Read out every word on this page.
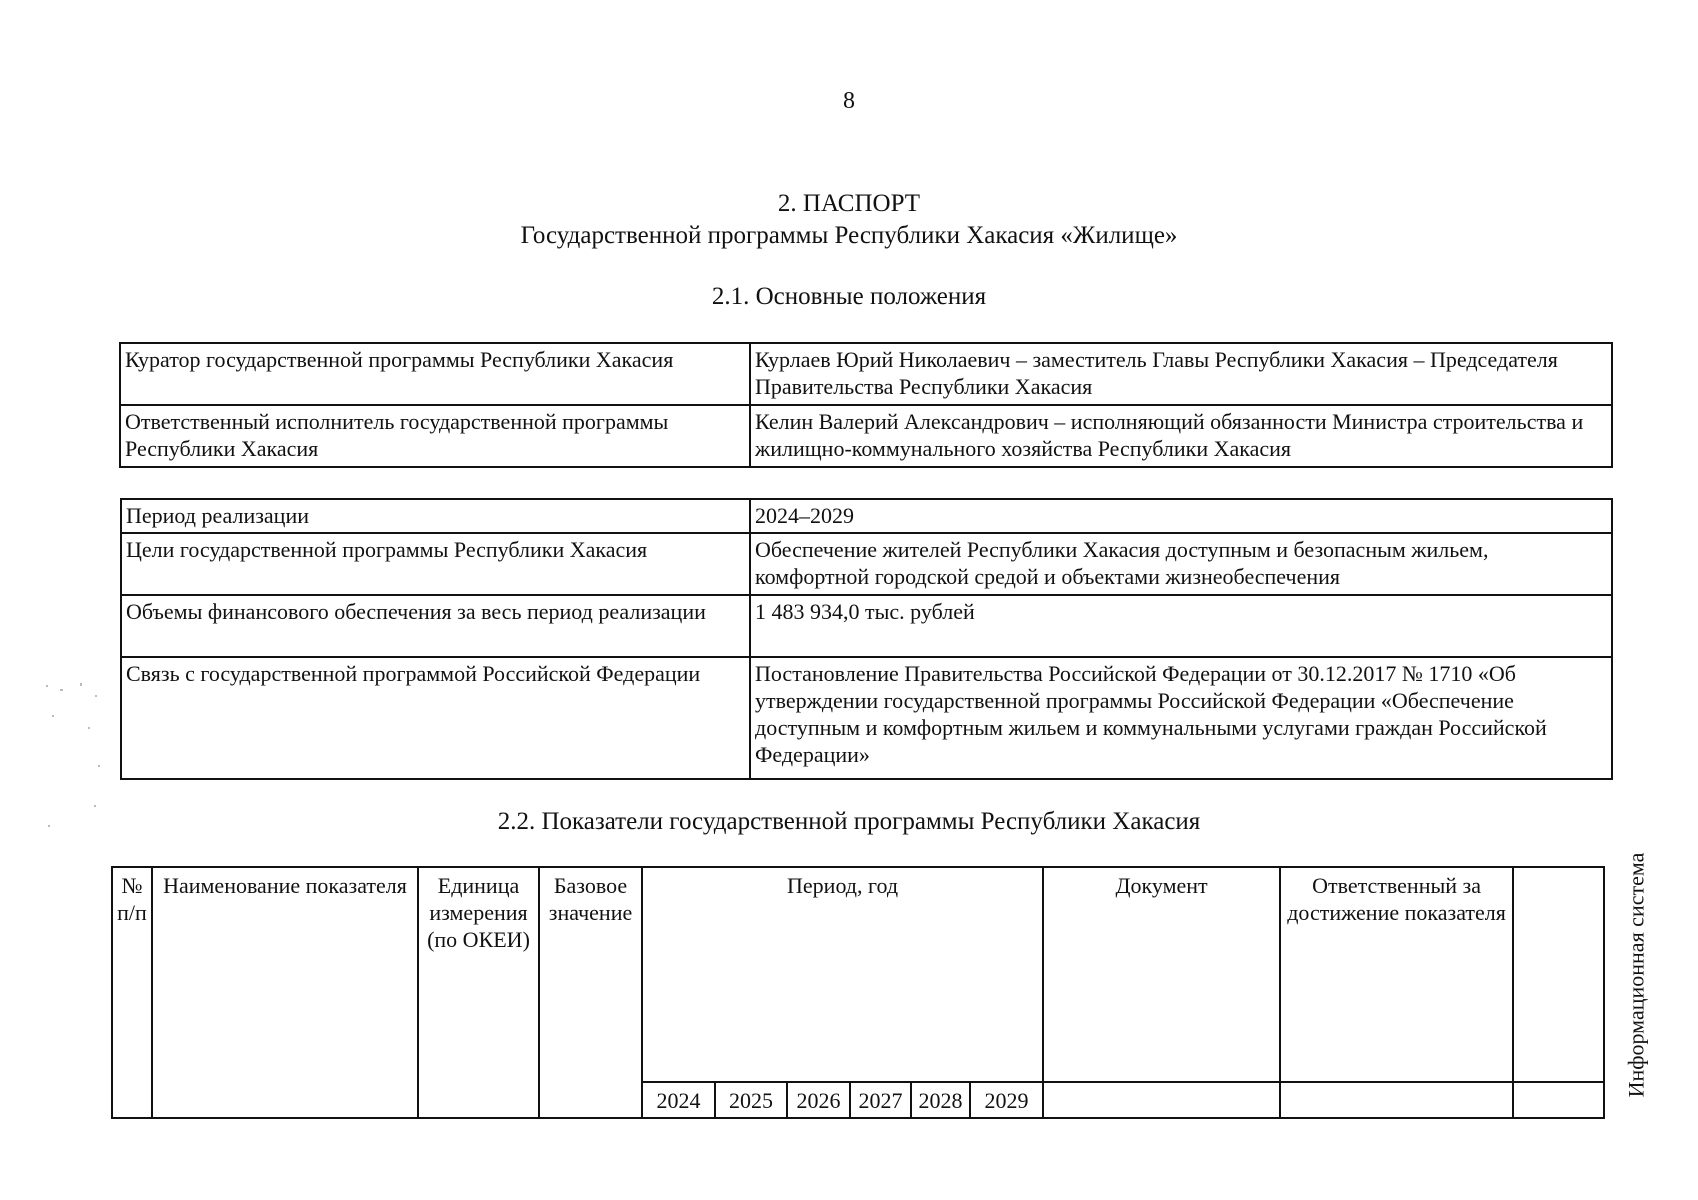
8
2. ПАСПОРТ
Государственной программы Республики Хакасия «Жилище»
2.1. Основные положения
Куратор государственной программы Республики Хакасия	Курлаев Юрий Николаевич – заместитель Главы Республики Хакасия – Председателя Правительства Республики Хакасия
Ответственный исполнитель государственной программы Республики Хакасия	Келин Валерий Александрович – исполняющий обязанности Министра строительства и жилищно-коммунального хозяйства Республики Хакасия
Период реализации	2024–2029
Цели государственной программы Республики Хакасия	Обеспечение жителей Республики Хакасия доступным и безопасным жильем, комфортной городской средой и объектами жизнеобеспечения
Объемы финансового обеспечения за весь период реализации	1 483 934,0 тыс. рублей
Связь с государственной программой Российской Федерации	Постановление Правительства Российской Федерации от 30.12.2017 № 1710 «Об утверждении государственной программы Российской Федерации «Обеспечение доступным и комфортным жильем и коммунальными услугами граждан Российской Федерации»
2.2. Показатели государственной программы Республики Хакасия
№ п/п	Наименование показателя	Единица измерения (по ОКЕИ)	Базовое значение	Период, год						Документ	Ответственный за достижение показателя	Информационная система
				2024	2025	2026	2027	2028	2029			
